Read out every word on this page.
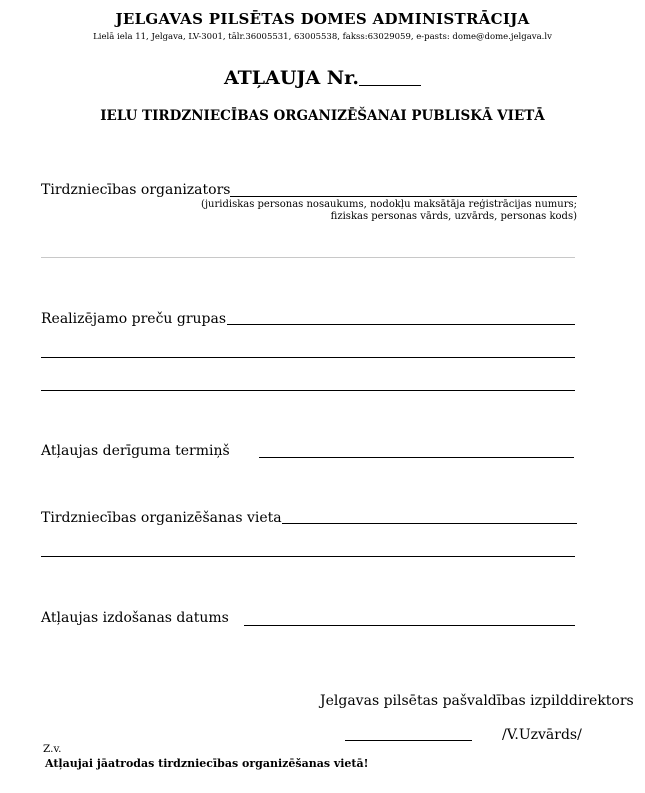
JELGAVAS PILSĒTAS DOMES ADMINISTRĀCIJA
Lielā iela 11, Jelgava, LV-3001, tālr.36005531, 63005538, fakss:63029059, e-pasts: dome@dome.jelgava.lv
ATĻAUJA Nr.
IELU TIRDZNIECĪBAS ORGANIZĒŠANAI PUBLISKĀ VIETĀ
Tirdzniecības organizators
(juridiskas personas nosaukums, nodokļu maksātāja reģistrācijas numurs;
fiziskas personas vārds, uzvārds, personas kods)
Realizējamo preču grupas
Atļaujas derīguma termiņš
Tirdzniecības organizēšanas vieta
Atļaujas izdošanas datums
Jelgavas pilsētas pašvaldības izpilddirektors
/V.Uzvārds/
Z.v.
Atļaujai jāatrodas tirdzniecības organizēšanas vietā!
